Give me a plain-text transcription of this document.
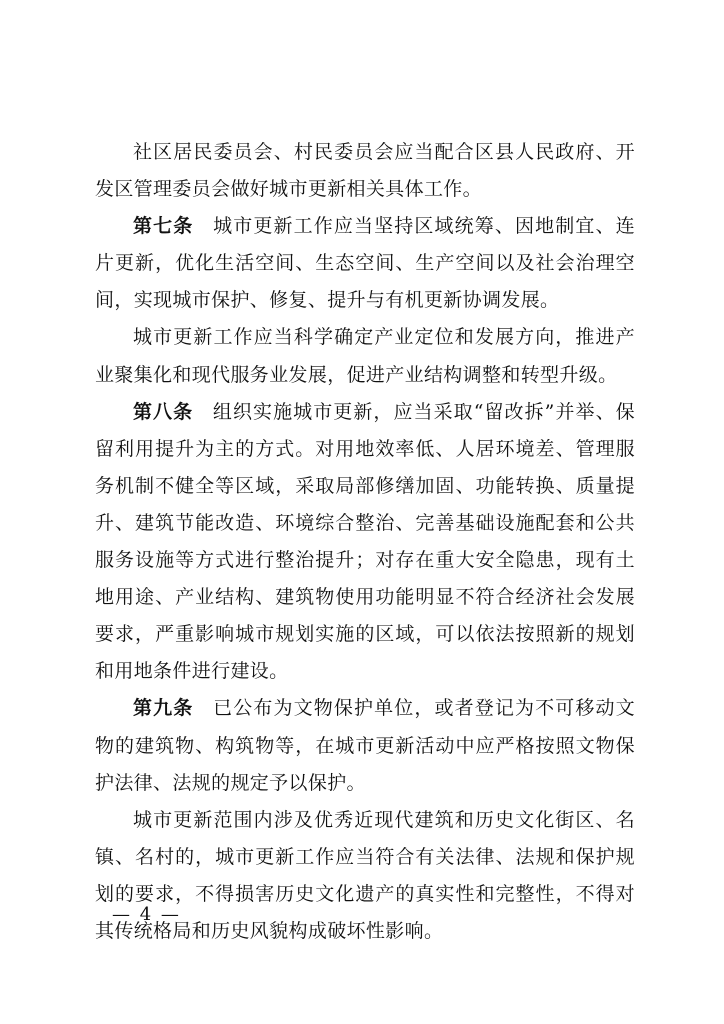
社区居民委员会、村民委员会应当配合区县人民政府、开发区管理委员会做好城市更新相关具体工作。

第七条 城市更新工作应当坚持区域统筹、因地制宜、连片更新，优化生活空间、生态空间、生产空间以及社会治理空间，实现城市保护、修复、提升与有机更新协调发展。

城市更新工作应当科学确定产业定位和发展方向，推进产业聚集化和现代服务业发展，促进产业结构调整和转型升级。

第八条 组织实施城市更新，应当采取“留改拆”并举、保留利用提升为主的方式。对用地效率低、人居环境差、管理服务机制不健全等区域，采取局部修缮加固、功能转换、质量提升、建筑节能改造、环境综合整治、完善基础设施配套和公共服务设施等方式进行整治提升；对存在重大安全隐患，现有土地用途、产业结构、建筑物使用功能明显不符合经济社会发展要求，严重影响城市规划实施的区域，可以依法按照新的规划和用地条件进行建设。

第九条 已公布为文物保护单位，或者登记为不可移动文物的建筑物、构筑物等，在城市更新活动中应严格按照文物保护法律、法规的规定予以保护。

城市更新范围内涉及优秀近现代建筑和历史文化街区、名镇、名村的，城市更新工作应当符合有关法律、法规和保护规划的要求，不得损害历史文化遗产的真实性和完整性，不得对其传统格局和历史风貌构成破坏性影响。

— 4 —
